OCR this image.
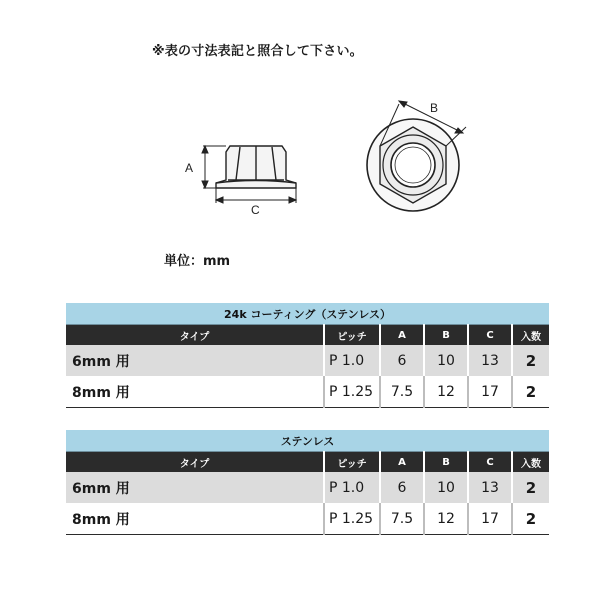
※表の寸法表記と照合して下さい。
A
C
B
単位：mm
24k コーティング（ステンレス）					
タイプ	ピッチ	A	B	C	入数
6mm 用	P 1.0	6	10	13	2
8mm 用	P 1.25	7.5	12	17	2
ステンレス					
タイプ	ピッチ	A	B	C	入数
6mm 用	P 1.0	6	10	13	2
8mm 用	P 1.25	7.5	12	17	2
